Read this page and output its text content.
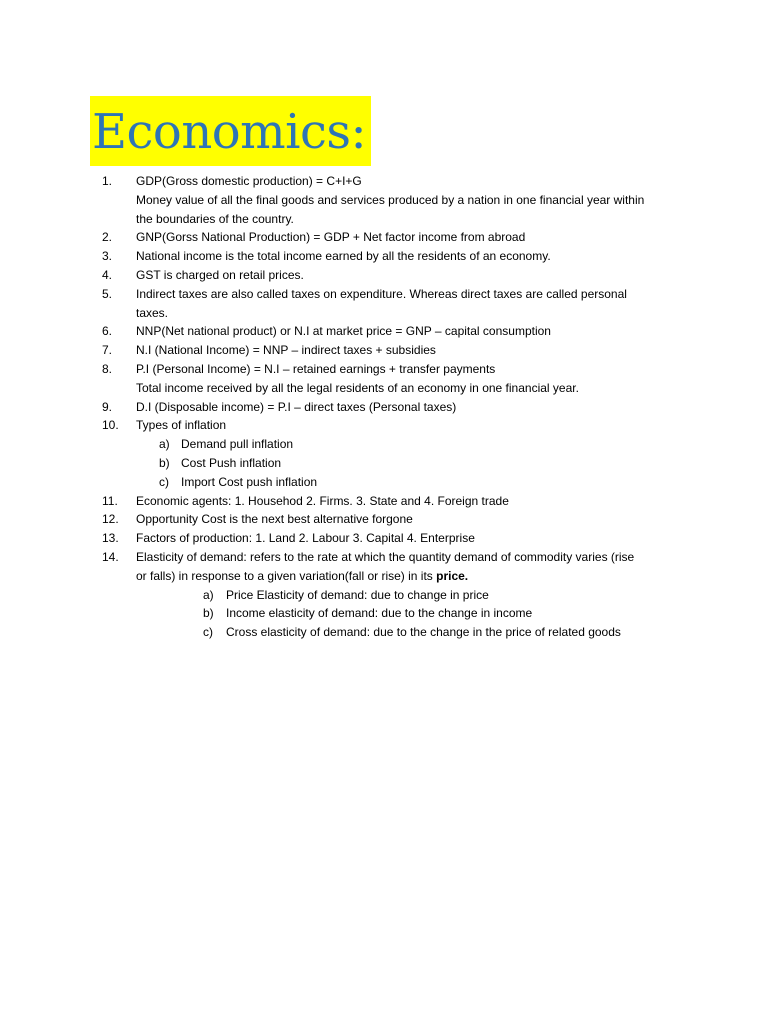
Economics:
1.	GDP(Gross domestic production) = C+I+G
Money value of all the final goods and services produced by a nation in one financial year within
the boundaries of the country.
2.	GNP(Gorss National Production) = GDP + Net factor income from abroad
3.	National income is the total income earned by all the residents of an economy.
4.	GST is charged on retail prices.
5.	Indirect taxes are also called taxes on expenditure. Whereas direct taxes are called personal
taxes.
6.	NNP(Net national product) or N.I at market price = GNP – capital consumption
7.	N.I (National Income) = NNP – indirect taxes + subsidies
8.	P.I (Personal Income) = N.I – retained earnings + transfer payments
Total income received by all the legal residents of an economy in one financial year.
9.	D.I (Disposable income) = P.I – direct taxes (Personal taxes)
10.	Types of inflation
a) Demand pull inflation
b) Cost Push inflation
c)	Import Cost push inflation
11.	Economic agents: 1. Househod 2. Firms. 3. State and 4. Foreign trade
12.	Opportunity Cost is the next best alternative forgone
13.	Factors of production: 1. Land 2. Labour 3. Capital 4. Enterprise
14.	Elasticity of demand: refers to the rate at which the quantity demand of commodity varies (rise
or falls) in response to a given variation(fall or rise) in its price.
a)	Price Elasticity of demand: due to change in price
b)	Income elasticity of demand: due to the change in income
c)	Cross elasticity of demand: due to the change in the price of related goods
